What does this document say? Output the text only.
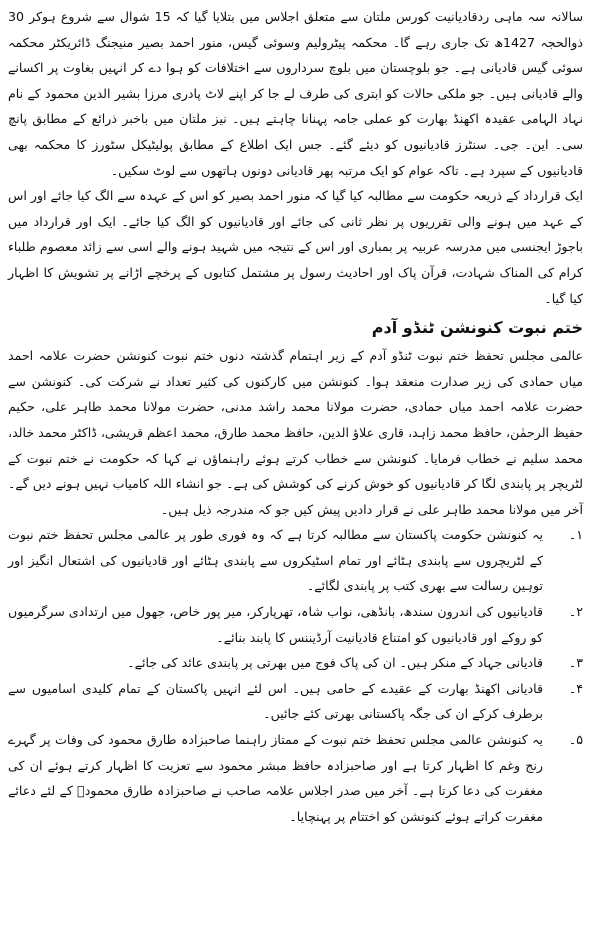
سالانہ سہ ماہی ردقادیانیت کورس ملتان سے متعلق اجلاس میں بتلایا گیا کہ 15 شوال سے شروع ہوکر 30 ذوالحجہ 1427ھ تک جاری رہے گا۔ محکمہ پیٹرولیم وسوئی گیس، منور احمد بصیر منیجنگ ڈائریکٹر محکمہ سوئی گیس قادیانی ہے۔ جو بلوچستان میں بلوچ سرداروں سے اختلافات کو ہوا دے کر انہیں بغاوت پر اکسانے والے قادیانی ہیں۔ جو ملکی حالات کو ابتری کی طرف لے جا کر اپنے لاٹ پادری مرزا بشیر الدین محمود کے نام نہاد الہامی عقیدہ اکھنڈ بھارت کو عملی جامہ پہنانا چاہتے ہیں۔ نیز ملتان میں باخبر ذرائع کے مطابق پانچ سی۔ این۔ جی۔ سنٹرز قادیانیوں کو دیئے گئے۔ جس ایک اطلاع کے مطابق پولیٹیکل سٹورز کا محکمہ بھی قادیانیوں کے سپرد ہے۔ تاکہ عوام کو ایک مرتبہ پھر قادیانی دونوں ہاتھوں سے لوٹ سکیں۔

ایک قرارداد کے ذریعہ حکومت سے مطالبہ کیا گیا کہ منور احمد بصیر کو اس کے عہدہ سے الگ کیا جائے اور اس کے عہد میں ہونے والی تقرریوں پر نظر ثانی کی جائے اور قادیانیوں کو الگ کیا جائے۔ ایک اور قرارداد میں باجوڑ ایجنسی میں مدرسہ عربیہ پر بمباری اور اس کے نتیجہ میں شہید ہونے والے اسی سے زائد معصوم طلباء کرام کی المناک شہادت، قرآن پاک اور احادیث رسول پر مشتمل کتابوں کے پرخچے اڑانے پر تشویش کا اظہار کیا گیا۔

ختم نبوت کنونشن ٹنڈو آدم

عالمی مجلس تحفظ ختم نبوت ٹنڈو آدم کے زیر اہتمام گذشتہ دنوں ختم نبوت کنونشن حضرت علامہ احمد میاں حمادی کی زیر صدارت منعقد ہوا۔ کنونشن میں کارکنوں کی کثیر تعداد نے شرکت کی۔ کنونشن سے حضرت علامہ احمد میاں حمادی، حضرت مولانا محمد راشد مدنی، حضرت مولانا محمد طاہر علی، حکیم حفیظ الرحمٰن، حافظ محمد زاہد، قاری علاؤ الدین، حافظ محمد طارق، محمد اعظم قریشی، ڈاکٹر محمد خالد، محمد سلیم نے خطاب فرمایا۔ کنونشن سے خطاب کرتے ہوئے راہنماؤں نے کہا کہ حکومت نے ختم نبوت کے لٹریچر پر پابندی لگا کر قادیانیوں کو خوش کرنے کی کوشش کی ہے۔ جو انشاء اللہ کامیاب نہیں ہونے دیں گے۔ آخر میں مولانا محمد طاہر علی نے قرار دادیں پیش کیں جو کہ مندرجہ ذیل ہیں۔

۱۔

یہ کنونشن حکومت پاکستان سے مطالبہ کرتا ہے کہ وہ فوری طور پر عالمی مجلس تحفظ ختم نبوت کے لٹریچروں سے پابندی ہٹائے اور تمام اسٹیکروں سے پابندی ہٹائے اور قادیانیوں کی اشتعال انگیز اور توہین رسالت سے بھری کتب پر پابندی لگائے۔

۲۔

قادیانیوں کی اندرون سندھ، بانڈھی، نواب شاہ، تھرپارکر، میر پور خاص، جھول میں ارتدادی سرگرمیوں کو روکے اور قادیانیوں کو امتناع قادیانیت آرڈیننس کا پابند بنائے۔

۳۔

قادیانی جہاد کے منکر ہیں۔ ان کی پاک فوج میں بھرتی پر پابندی عائد کی جائے۔

۴۔

قادیانی اکھنڈ بھارت کے عقیدے کے حامی ہیں۔ اس لئے انہیں پاکستان کے تمام کلیدی اسامیوں سے برطرف کرکے ان کی جگہ پاکستانی بھرتی کئے جائیں۔

۵۔

یہ کنونشن عالمی مجلس تحفظ ختم نبوت کے ممتاز راہنما صاحبزادہ طارق محمود کی وفات پر گہرے رنج وغم کا اظہار کرتا ہے اور صاحبزادہ حافظ مبشر محمود سے تعزیت کا اظہار کرتے ہوئے ان کی مغفرت کی دعا کرتا ہے۔ آخر میں صدر اجلاس علامہ صاحب نے صاحبزادہ طارق محمودؒ کے لئے دعائے مغفرت کراتے ہوئے کنونشن کو اختتام پر پہنچایا۔
